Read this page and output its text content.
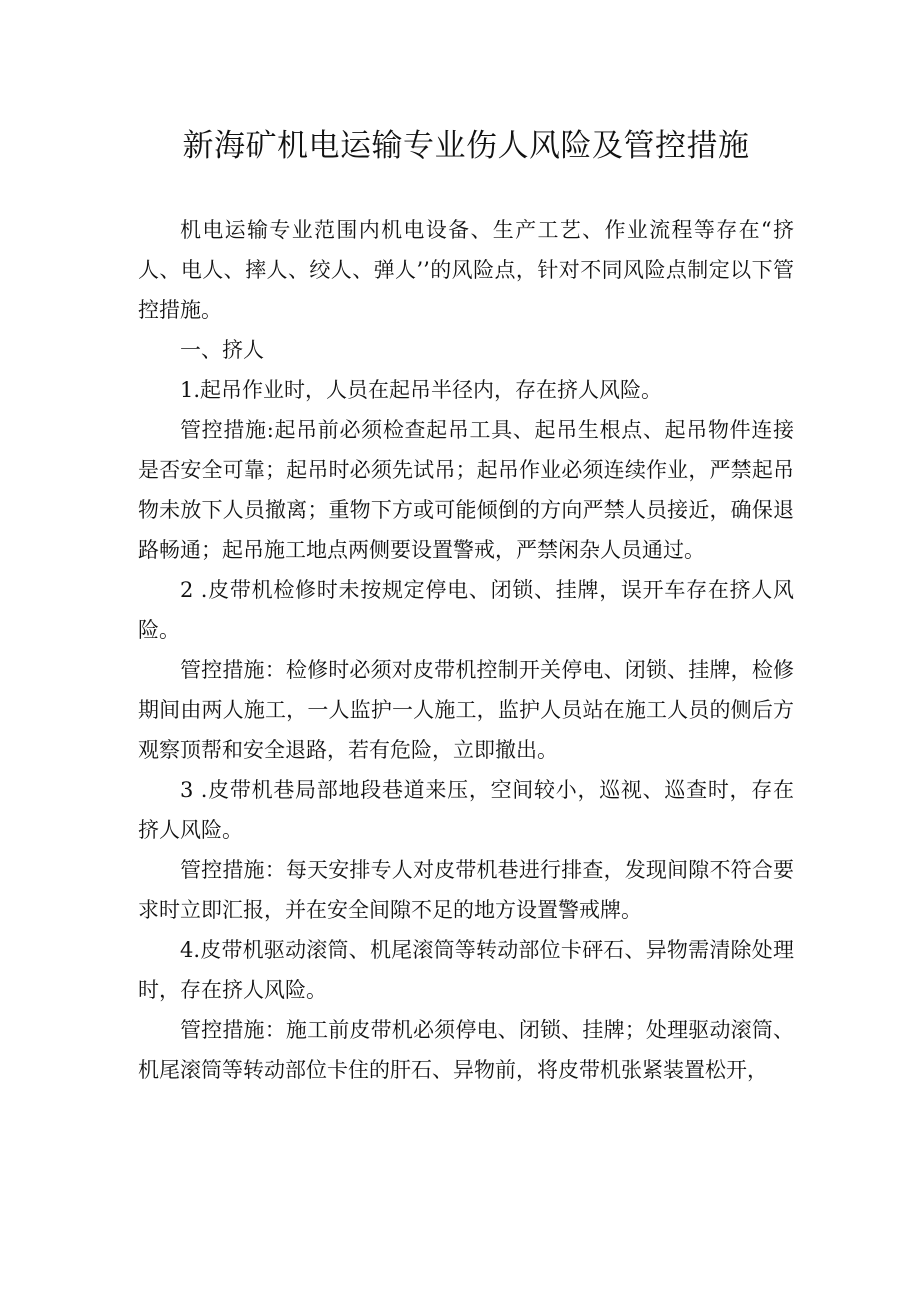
新海矿机电运输专业伤人风险及管控措施

机电运输专业范围内机电设备、生产工艺、作业流程等存在“挤人、电人、摔人、绞人、弹人’’的风险点，针对不同风险点制定以下管控措施。

一、挤人

1.起吊作业时，人员在起吊半径内，存在挤人风险。

管控措施:起吊前必须检查起吊工具、起吊生根点、起吊物件连接是否安全可靠；起吊时必须先试吊；起吊作业必须连续作业，严禁起吊物未放下人员撤离；重物下方或可能倾倒的方向严禁人员接近，确保退路畅通；起吊施工地点两侧要设置警戒，严禁闲杂人员通过。

2 .皮带机检修时未按规定停电、闭锁、挂牌，误开车存在挤人风险。

管控措施：检修时必须对皮带机控制开关停电、闭锁、挂牌，检修期间由两人施工，一人监护一人施工，监护人员站在施工人员的侧后方观察顶帮和安全退路，若有危险，立即撤出。

3 .皮带机巷局部地段巷道来压，空间较小，巡视、巡查时，存在挤人风险。

管控措施：每天安排专人对皮带机巷进行排查，发现间隙不符合要求时立即汇报，并在安全间隙不足的地方设置警戒牌。

4.皮带机驱动滚筒、机尾滚筒等转动部位卡砰石、异物需清除处理时，存在挤人风险。

管控措施：施工前皮带机必须停电、闭锁、挂牌；处理驱动滚筒、机尾滚筒等转动部位卡住的肝石、异物前，将皮带机张紧装置松开，
